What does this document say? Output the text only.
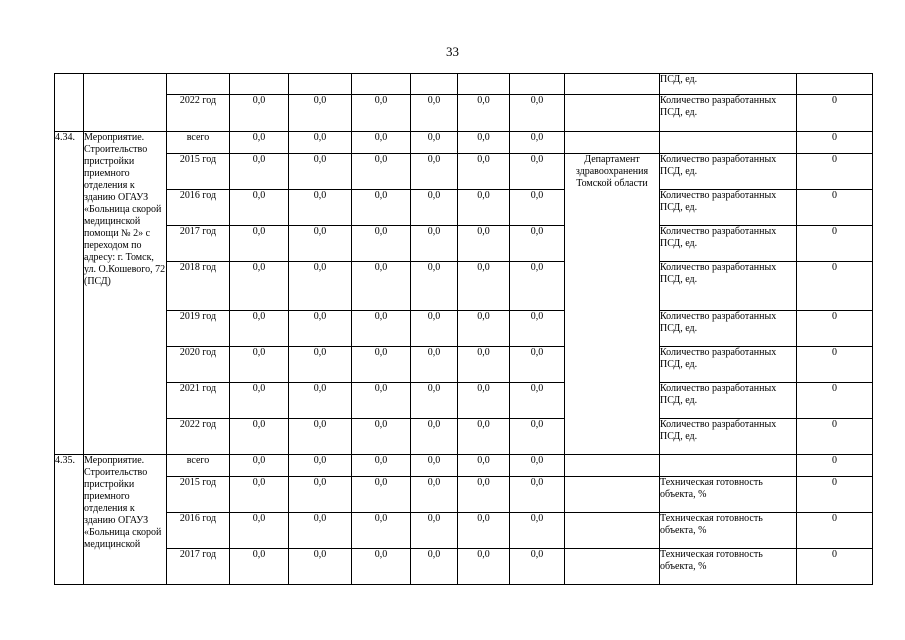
33
										ПСД, ед.	
		2022 год	0,0	0,0	0,0	0,0	0,0	0,0		Количество разработанных ПСД, ед.	0
4.34.	Мероприятие. Строительство пристройки приемного отделения к зданию ОГАУЗ «Больница скорой медицинской помощи № 2» с переходом по адресу: г. Томск, ул. О.Кошевого, 72 (ПСД)	всего	0,0	0,0	0,0	0,0	0,0	0,0			0
		2015 год	0,0	0,0	0,0	0,0	0,0	0,0	Департамент здравоохранения Томской области	Количество разработанных ПСД, ед.	0
		2016 год	0,0	0,0	0,0	0,0	0,0	0,0		Количество разработанных ПСД, ед.	0
		2017 год	0,0	0,0	0,0	0,0	0,0	0,0		Количество разработанных ПСД, ед.	0
		2018 год	0,0	0,0	0,0	0,0	0,0	0,0		Количество разработанных ПСД, ед.	0
		2019 год	0,0	0,0	0,0	0,0	0,0	0,0		Количество разработанных ПСД, ед.	0
		2020 год	0,0	0,0	0,0	0,0	0,0	0,0		Количество разработанных ПСД, ед.	0
		2021 год	0,0	0,0	0,0	0,0	0,0	0,0		Количество разработанных ПСД, ед.	0
		2022 год	0,0	0,0	0,0	0,0	0,0	0,0		Количество разработанных ПСД, ед.	0
4.35.	Мероприятие. Строительство пристройки приемного отделения к зданию ОГАУЗ «Больница скорой медицинской	всего	0,0	0,0	0,0	0,0	0,0	0,0			0
		2015 год	0,0	0,0	0,0	0,0	0,0	0,0		Техническая готовность объекта, %	0
		2016 год	0,0	0,0	0,0	0,0	0,0	0,0		Техническая готовность объекта, %	0
		2017 год	0,0	0,0	0,0	0,0	0,0	0,0		Техническая готовность объекта, %	0
